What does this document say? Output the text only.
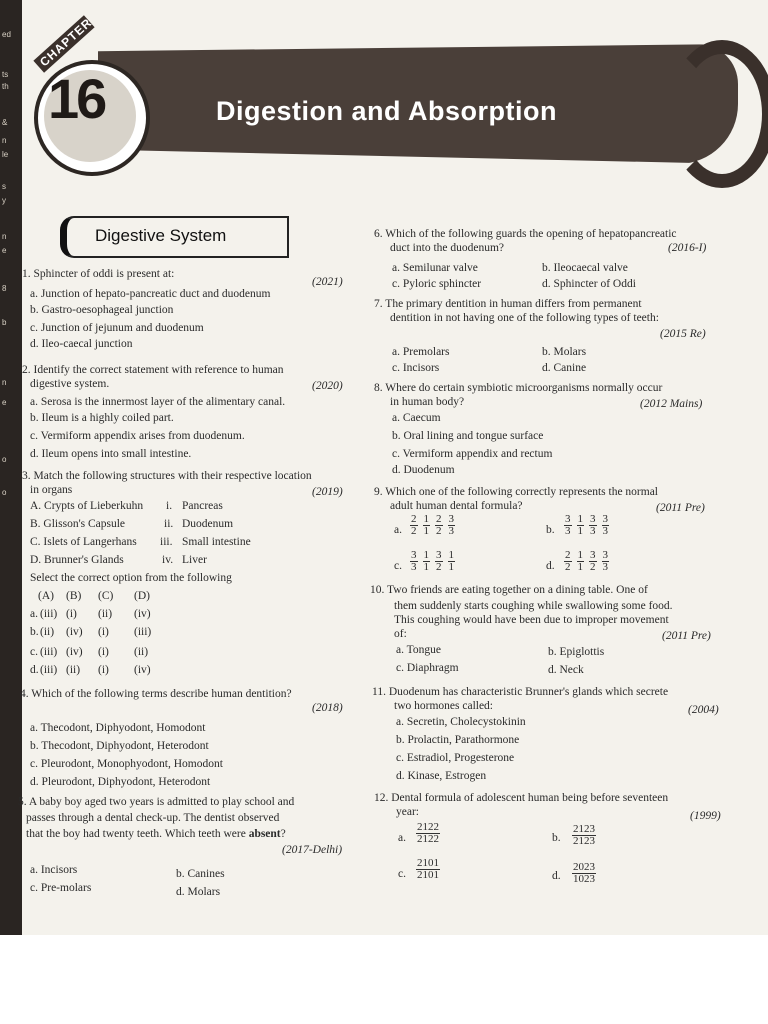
ed
ts
th
&
n
le
s
y
n
e
8
b
n
e
o
o
16
CHAPTER
Digestion and Absorption
Digestive System
1. Sphincter of oddi is present at:
(2021)
a. Junction of hepato-pancreatic duct and duodenum
b. Gastro-oesophageal junction
c. Junction of jejunum and duodenum
d. Ileo-caecal junction
2. Identify the correct statement with reference to human
digestive system.	(2020)
a. Serosa is the innermost layer of the alimentary canal.
b. Ileum is a highly coiled part.
c. Vermiform appendix arises from duodenum.
d. Ileum opens into small intestine.
3. Match the following structures with their respective location
in organs	(2019)
A. Crypts of Lieberkuhn i. Pancreas
B. Glisson's Capsule	ii. Duodenum
C. Islets of Langerhans iii. Small intestine
D. Brunner's Glands	iv. Liver
Select the correct option from the following
(A) (B) (C) (D)
a. (iii) (i) (ii) (iv)
b. (ii) (iv) (i) (iii)
c. (iii) (iv) (i) (ii)
d. (iii) (ii) (i) (iv)
4. Which of the following terms describe human dentition?
(2018)
a. Thecodont, Diphyodont, Homodont
b. Thecodont, Diphyodont, Heterodont
c. Pleurodont, Monophyodont, Homodont
d. Pleurodont, Diphyodont, Heterodont
5. A baby boy aged two years is admitted to play school and
passes through a dental check-up. The dentist observed
that the boy had twenty teeth. Which teeth were absent?
(2017-Delhi)
a. Incisors	b. Canines
c. Pre-molars	d. Molars
6. Which of the following guards the opening of hepatopancreatic
duct into the duodenum?	(2016-I)
a. Semilunar valve	b. Ileocaecal valve
c. Pyloric sphincter	d. Sphincter of Oddi
7. The primary dentition in human differs from permanent
dentition in not having one of the following types of teeth:
(2015 Re)
a. Premolars	b. Molars
c. Incisors	d. Canine
8. Where do certain symbiotic microorganisms normally occur
in human body?	(2012 Mains)
a. Caecum
b. Oral lining and tongue surface
c. Vermiform appendix and rectum
d. Duodenum
9. Which one of the following correctly represents the normal
adult human dental formula?	(2011 Pre)
a. $\frac{2}{2} \frac{1}{1} \frac{2}{2} \frac{3}{3}$	b. $\frac{3}{3} \frac{1}{1} \frac{3}{3} \frac{3}{3}$
c. $\frac{3}{3} \frac{1}{1} \frac{3}{2} \frac{1}{1}$	d. $\frac{2}{2} \frac{1}{1} \frac{3}{2} \frac{3}{3}$
10. Two friends are eating together on a dining table. One of
them suddenly starts coughing while swallowing some food.
This coughing would have been due to improper movement
of:	(2011 Pre)
a. Tongue	b. Epiglottis
c. Diaphragm	d. Neck
11. Duodenum has characteristic Brunner's glands which secrete
two hormones called:	(2004)
a. Secretin, Cholecystokinin
b. Prolactin, Parathormone
c. Estradiol, Progesterone
d. Kinase, Estrogen
12. Dental formula of adolescent human being before seventeen
year:	(1999)
a. $\frac{2122}{2122}$	b. $\frac{2123}{2123}$
c. $\frac{2101}{2101}$	d. $\frac{2023}{1023}$
